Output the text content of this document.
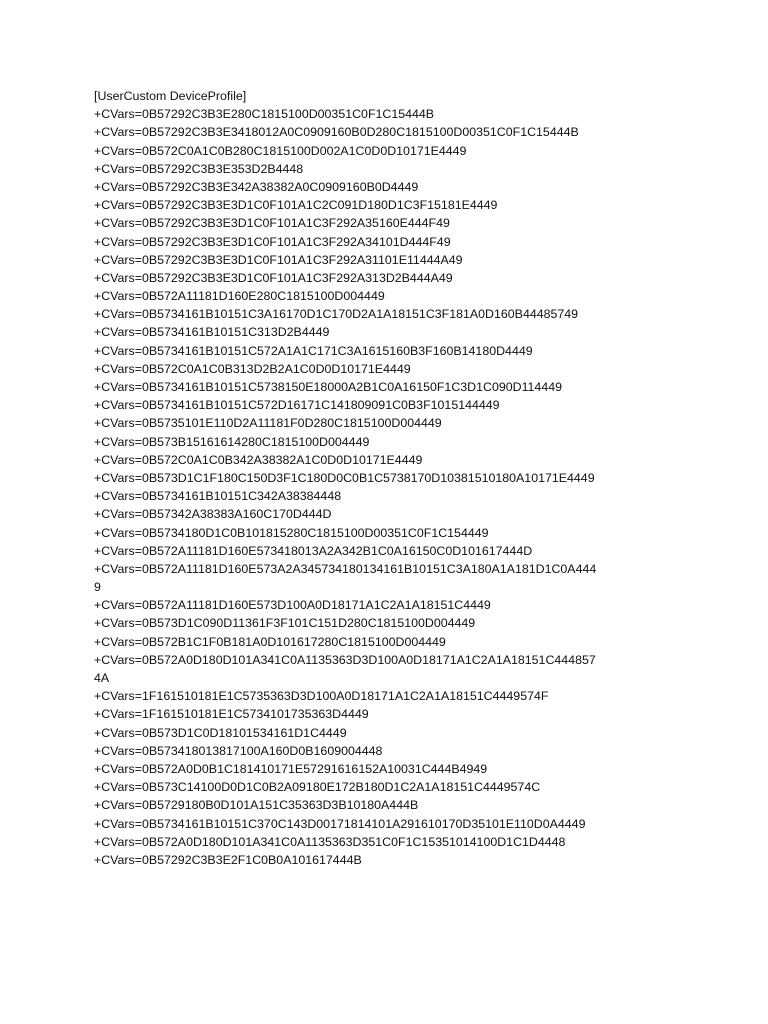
[UserCustom DeviceProfile]
+CVars=0B57292C3B3E280C1815100D00351C0F1C15444B
+CVars=0B57292C3B3E3418012A0C0909160B0D280C1815100D00351C0F1C15444B
+CVars=0B572C0A1C0B280C1815100D002A1C0D0D10171E4449
+CVars=0B57292C3B3E353D2B4448
+CVars=0B57292C3B3E342A38382A0C0909160B0D4449
+CVars=0B57292C3B3E3D1C0F101A1C2C091D180D1C3F15181E4449
+CVars=0B57292C3B3E3D1C0F101A1C3F292A35160E444F49
+CVars=0B57292C3B3E3D1C0F101A1C3F292A34101D444F49
+CVars=0B57292C3B3E3D1C0F101A1C3F292A31101E11444A49
+CVars=0B57292C3B3E3D1C0F101A1C3F292A313D2B444A49
+CVars=0B572A11181D160E280C1815100D004449
+CVars=0B5734161B10151C3A16170D1C170D2A1A18151C3F181A0D160B44485749
+CVars=0B5734161B10151C313D2B4449
+CVars=0B5734161B10151C572A1A1C171C3A1615160B3F160B14180D4449
+CVars=0B572C0A1C0B313D2B2A1C0D0D10171E4449
+CVars=0B5734161B10151C5738150E18000A2B1C0A16150F1C3D1C090D114449
+CVars=0B5734161B10151C572D16171C141809091C0B3F1015144449
+CVars=0B5735101E110D2A11181F0D280C1815100D004449
+CVars=0B573B15161614280C1815100D004449
+CVars=0B572C0A1C0B342A38382A1C0D0D10171E4449
+CVars=0B573D1C1F180C150D3F1C180D0C0B1C5738170D10381510180A10171E4449
+CVars=0B5734161B10151C342A38384448
+CVars=0B57342A38383A160C170D444D
+CVars=0B5734180D1C0B101815280C1815100D00351C0F1C154449
+CVars=0B572A11181D160E573418013A2A342B1C0A16150C0D101617444D
+CVars=0B572A11181D160E573A2A345734180134161B10151C3A180A1A181D1C0A444
9
+CVars=0B572A11181D160E573D100A0D18171A1C2A1A18151C4449
+CVars=0B573D1C090D11361F3F101C151D280C1815100D004449
+CVars=0B572B1C1F0B181A0D101617280C1815100D004449
+CVars=0B572A0D180D101A341C0A1135363D3D100A0D18171A1C2A1A18151C444857
4A
+CVars=1F161510181E1C5735363D3D100A0D18171A1C2A1A18151C4449574F
+CVars=1F161510181E1C5734101735363D4449
+CVars=0B573D1C0D18101534161D1C4449
+CVars=0B573418013817100A160D0B1609004448
+CVars=0B572A0D0B1C181410171E57291616152A10031C444B4949
+CVars=0B573C14100D0D1C0B2A09180E172B180D1C2A1A18151C4449574C
+CVars=0B5729180B0D101A151C35363D3B10180A444B
+CVars=0B5734161B10151C370C143D00171814101A291610170D35101E110D0A4449
+CVars=0B572A0D180D101A341C0A1135363D351C0F1C15351014100D1C1D4448
+CVars=0B57292C3B3E2F1C0B0A101617444B
